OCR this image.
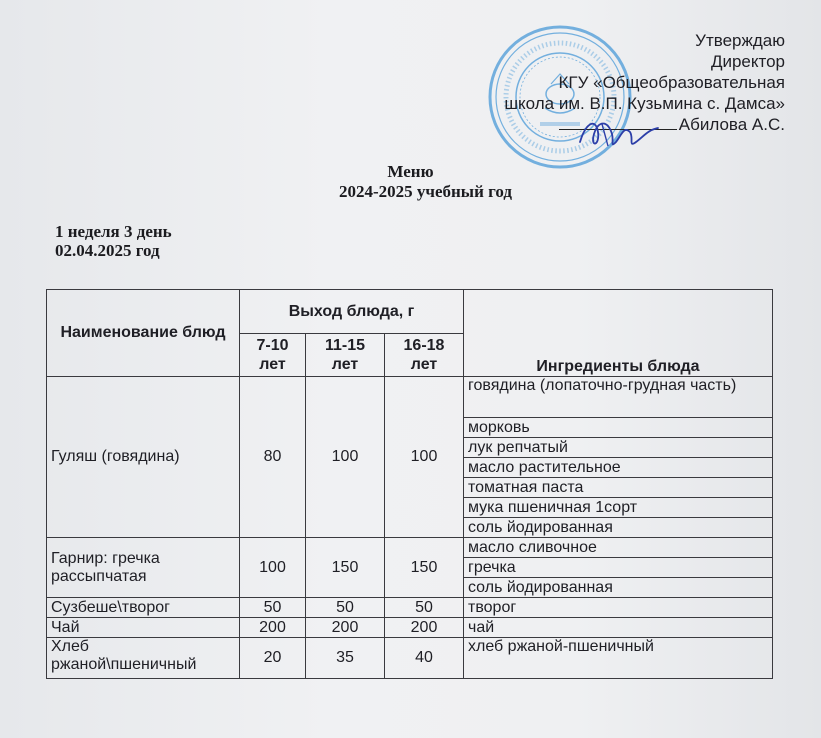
Утверждаю
Директор
КГУ «Общеобразовательная
школа им. В.П. Кузьмина с. Дамса»
Абилова А.С.
Меню
2024-2025 учебный год
1 неделя 3 день
02.04.2025 год
Наименование блюд	Выход блюда, г			Ингредиенты блюда
	7-10 лет	11-15 лет	16-18 лет	
Гуляш (говядина)	80	100	100	говядина (лопаточно-грудная часть)
				морковь
				лук репчатый
				масло растительное
				томатная паста
				мука пшеничная 1сорт
				соль йодированная
Гарнир: гречка рассыпчатая	100	150	150	масло сливочное
				гречка
				соль йодированная
Сузбеше\творог	50	50	50	творог
Чай	200	200	200	чай
Хлеб ржаной\пшеничный	20	35	40	хлеб ржаной-пшеничный
